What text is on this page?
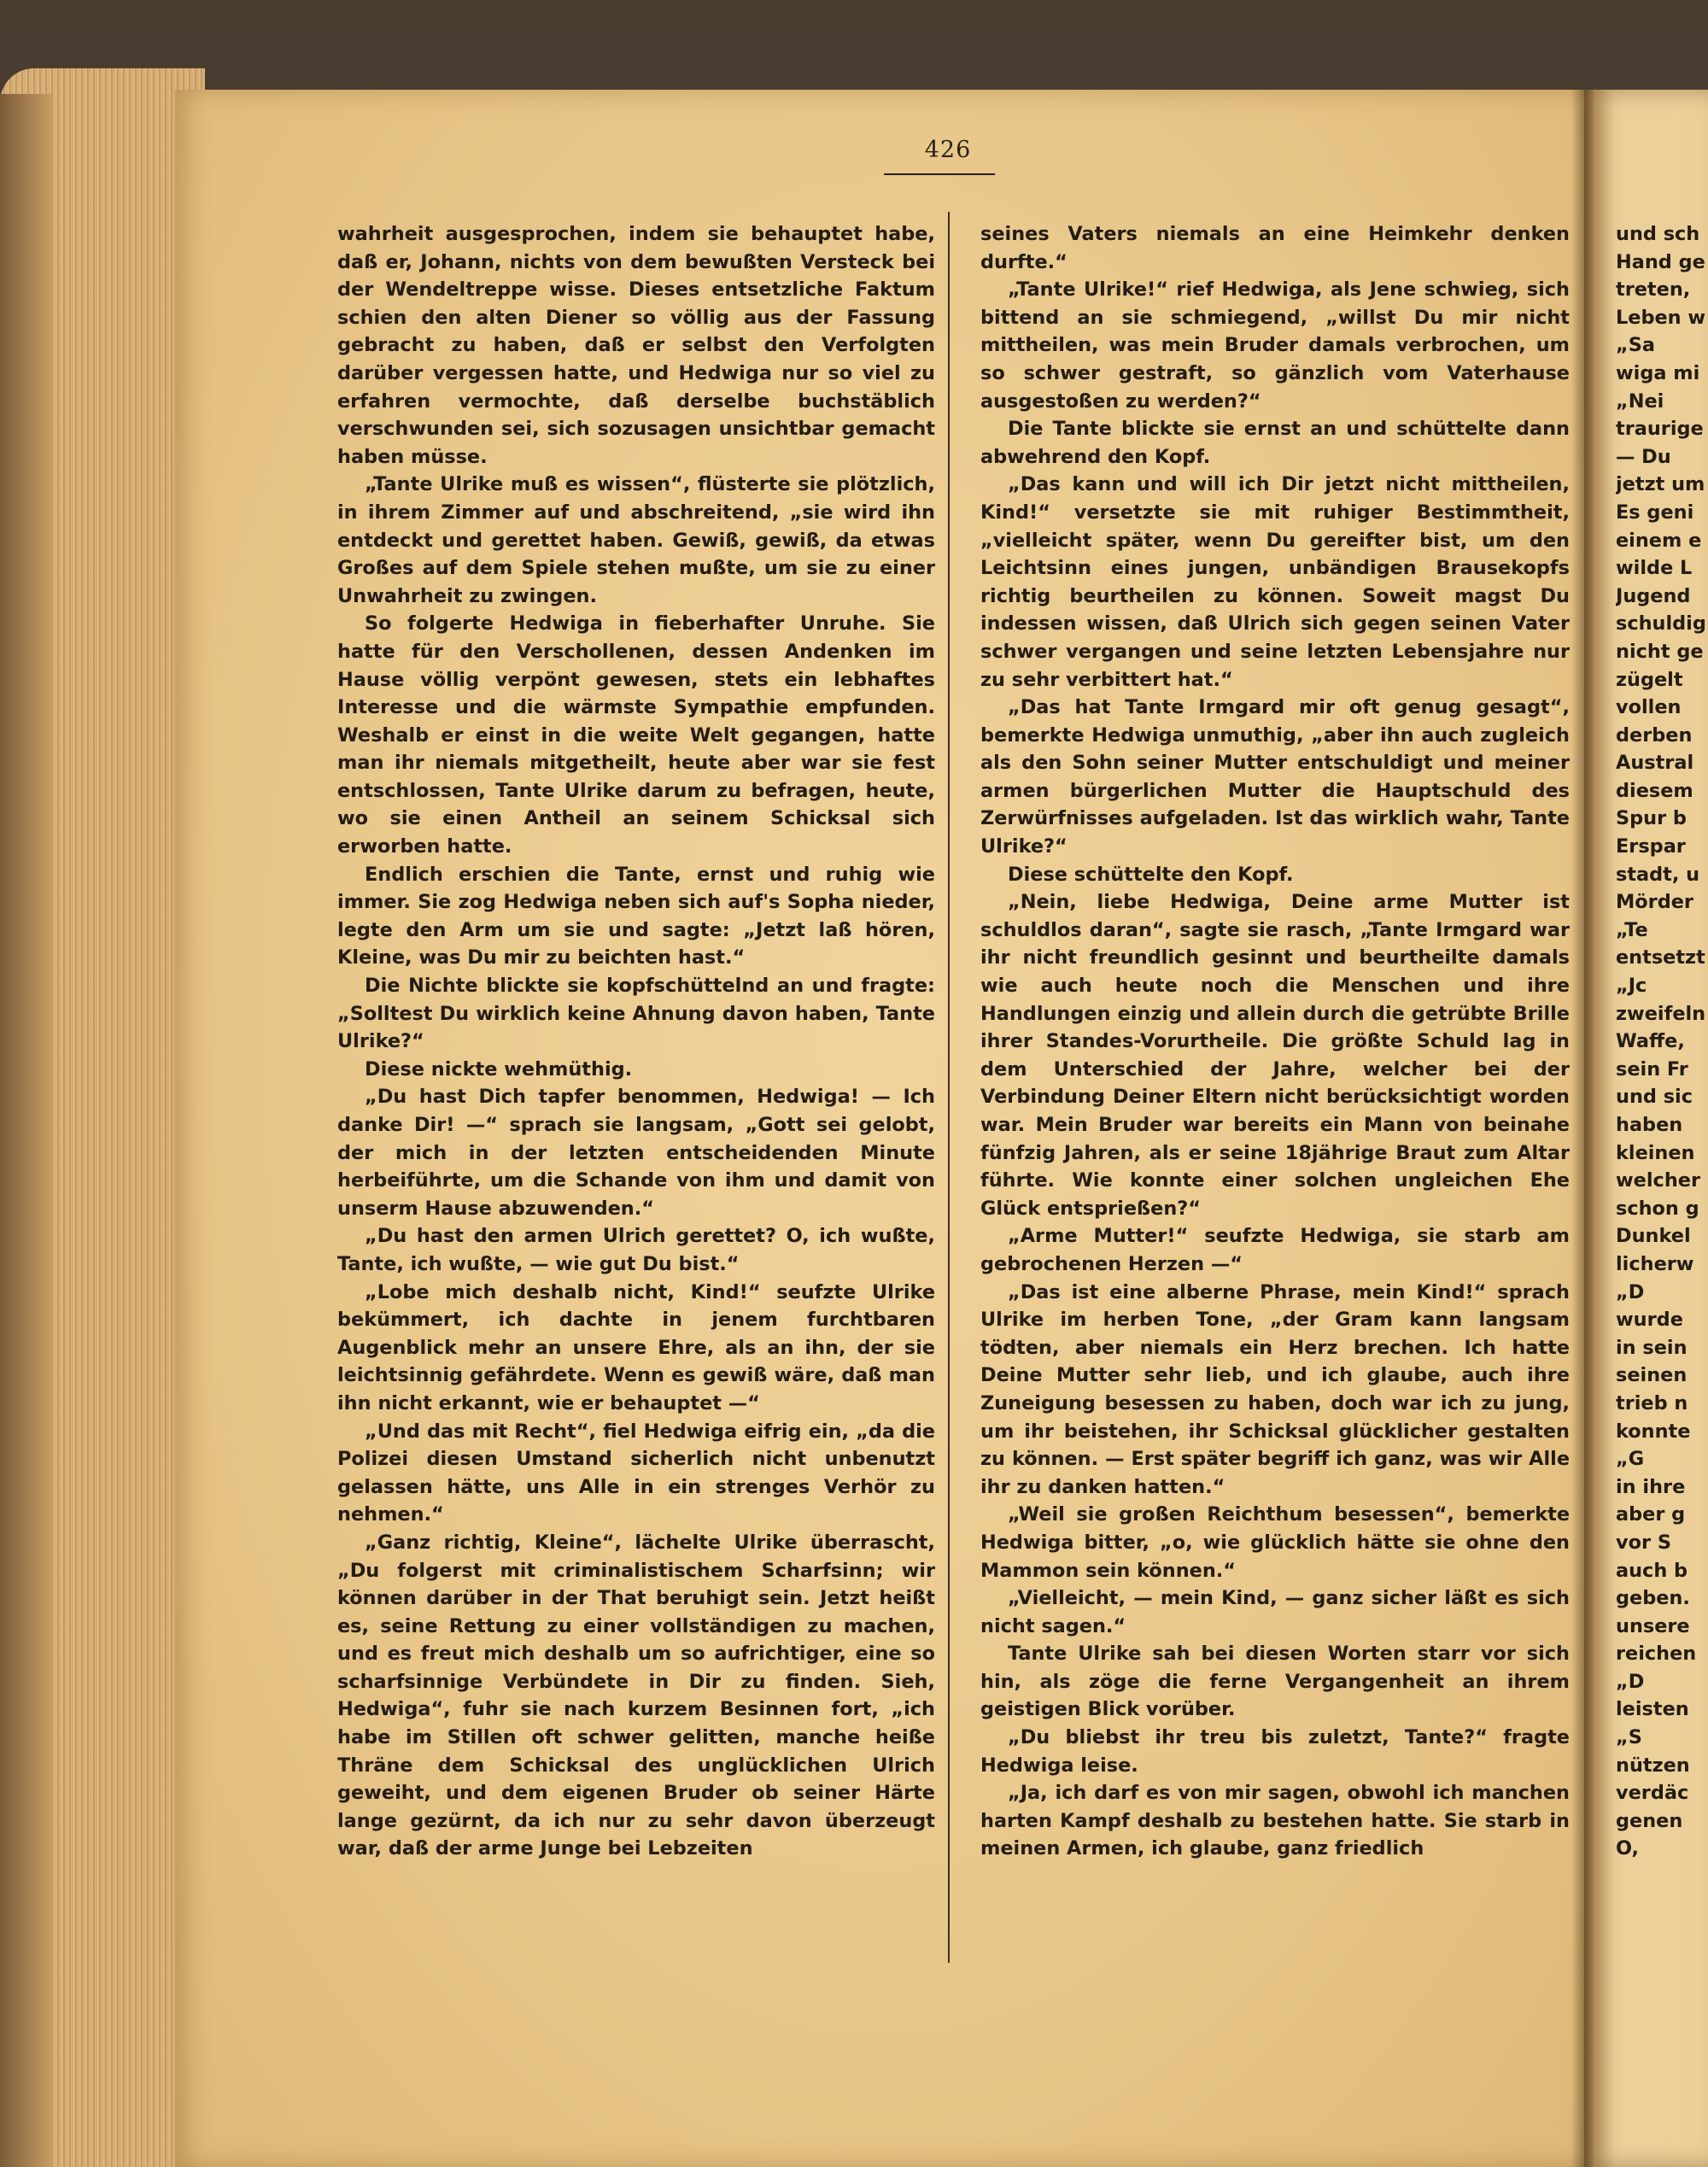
426

wahrheit ausgesprochen, indem sie behauptet habe, daß er, Johann, nichts von dem bewußten Versteck bei der Wendeltreppe wisse. Dieses entsetzliche Faktum schien den alten Diener so völlig aus der Fassung gebracht zu haben, daß er selbst den Verfolgten darüber vergessen hatte, und Hedwiga nur so viel zu erfahren vermochte, daß derselbe buchstäblich verschwunden sei, sich sozusagen unsichtbar gemacht haben müsse.

„Tante Ulrike muß es wissen“, flüsterte sie plötzlich, in ihrem Zimmer auf und abschreitend, „sie wird ihn entdeckt und gerettet haben. Gewiß, gewiß, da etwas Großes auf dem Spiele stehen mußte, um sie zu einer Unwahrheit zu zwingen.

So folgerte Hedwiga in fieberhafter Unruhe. Sie hatte für den Verschollenen, dessen Andenken im Hause völlig verpönt gewesen, stets ein lebhaftes Interesse und die wärmste Sympathie empfunden. Weshalb er einst in die weite Welt gegangen, hatte man ihr niemals mitgetheilt, heute aber war sie fest entschlossen, Tante Ulrike darum zu befragen, heute, wo sie einen Antheil an seinem Schicksal sich erworben hatte.

Endlich erschien die Tante, ernst und ruhig wie immer. Sie zog Hedwiga neben sich auf's Sopha nieder, legte den Arm um sie und sagte: „Jetzt laß hören, Kleine, was Du mir zu beichten hast.“

Die Nichte blickte sie kopfschüttelnd an und fragte: „Solltest Du wirklich keine Ahnung davon haben, Tante Ulrike?“

Diese nickte wehmüthig.

„Du hast Dich tapfer benommen, Hedwiga! — Ich danke Dir! —“ sprach sie langsam, „Gott sei gelobt, der mich in der letzten entscheidenden Minute herbeiführte, um die Schande von ihm und damit von unserm Hause abzuwenden.“

„Du hast den armen Ulrich gerettet? O, ich wußte, Tante, ich wußte, — wie gut Du bist.“

„Lobe mich deshalb nicht, Kind!“ seufzte Ulrike bekümmert, ich dachte in jenem furchtbaren Augenblick mehr an unsere Ehre, als an ihn, der sie leichtsinnig gefährdete. Wenn es gewiß wäre, daß man ihn nicht erkannt, wie er behauptet —“

„Und das mit Recht“, fiel Hedwiga eifrig ein, „da die Polizei diesen Umstand sicherlich nicht unbenutzt gelassen hätte, uns Alle in ein strenges Verhör zu nehmen.“

„Ganz richtig, Kleine“, lächelte Ulrike überrascht, „Du folgerst mit criminalistischem Scharfsinn; wir können darüber in der That beruhigt sein. Jetzt heißt es, seine Rettung zu einer vollständigen zu machen, und es freut mich deshalb um so aufrichtiger, eine so scharfsinnige Verbündete in Dir zu finden. Sieh, Hedwiga“, fuhr sie nach kurzem Besinnen fort, „ich habe im Stillen oft schwer gelitten, manche heiße Thräne dem Schicksal des unglücklichen Ulrich geweiht, und dem eigenen Bruder ob seiner Härte lange gezürnt, da ich nur zu sehr davon überzeugt war, daß der arme Junge bei Lebzeiten

seines Vaters niemals an eine Heimkehr denken durfte.“

„Tante Ulrike!“ rief Hedwiga, als Jene schwieg, sich bittend an sie schmiegend, „willst Du mir nicht mittheilen, was mein Bruder damals verbrochen, um so schwer gestraft, so gänzlich vom Vaterhause ausgestoßen zu werden?“

Die Tante blickte sie ernst an und schüttelte dann abwehrend den Kopf.

„Das kann und will ich Dir jetzt nicht mittheilen, Kind!“ versetzte sie mit ruhiger Bestimmtheit, „vielleicht später, wenn Du gereifter bist, um den Leichtsinn eines jungen, unbändigen Brausekopfs richtig beurtheilen zu können. Soweit magst Du indessen wissen, daß Ulrich sich gegen seinen Vater schwer vergangen und seine letzten Lebensjahre nur zu sehr verbittert hat.“

„Das hat Tante Irmgard mir oft genug gesagt“, bemerkte Hedwiga unmuthig, „aber ihn auch zugleich als den Sohn seiner Mutter entschuldigt und meiner armen bürgerlichen Mutter die Hauptschuld des Zerwürfnisses aufgeladen. Ist das wirklich wahr, Tante Ulrike?“

Diese schüttelte den Kopf.

„Nein, liebe Hedwiga, Deine arme Mutter ist schuldlos daran“, sagte sie rasch, „Tante Irmgard war ihr nicht freundlich gesinnt und beurtheilte damals wie auch heute noch die Menschen und ihre Handlungen einzig und allein durch die getrübte Brille ihrer Standes-Vorurtheile. Die größte Schuld lag in dem Unterschied der Jahre, welcher bei der Verbindung Deiner Eltern nicht berücksichtigt worden war. Mein Bruder war bereits ein Mann von beinahe fünfzig Jahren, als er seine 18jährige Braut zum Altar führte. Wie konnte einer solchen ungleichen Ehe Glück entsprießen?“

„Arme Mutter!“ seufzte Hedwiga, sie starb am gebrochenen Herzen —“

„Das ist eine alberne Phrase, mein Kind!“ sprach Ulrike im herben Tone, „der Gram kann langsam tödten, aber niemals ein Herz brechen. Ich hatte Deine Mutter sehr lieb, und ich glaube, auch ihre Zuneigung besessen zu haben, doch war ich zu jung, um ihr beistehen, ihr Schicksal glücklicher gestalten zu können. — Erst später begriff ich ganz, was wir Alle ihr zu danken hatten.“

„Weil sie großen Reichthum besessen“, bemerkte Hedwiga bitter, „o, wie glücklich hätte sie ohne den Mammon sein können.“

„Vielleicht, — mein Kind, — ganz sicher läßt es sich nicht sagen.“

Tante Ulrike sah bei diesen Worten starr vor sich hin, als zöge die ferne Vergangenheit an ihrem geistigen Blick vorüber.

„Du bliebst ihr treu bis zuletzt, Tante?“ fragte Hedwiga leise.

„Ja, ich darf es von mir sagen, obwohl ich manchen harten Kampf deshalb zu bestehen hatte. Sie starb in meinen Armen, ich glaube, ganz friedlich

und sch
Hand ge
treten,
Leben w
„Sa
wiga mi
„Nei
traurige
— Du
jetzt um
Es geni
einem e
wilde L
Jugend
schuldig
nicht ge
zügelt
vollen
derben
Austral
diesem
Spur b
Erspar
stadt, u
Mörder
„Te
entsetzt
„Jc
zweifeln
Waffe,
sein Fr
und sic
haben
kleinen
welcher
schon g
Dunkel
licherw
„D
wurde
in sein
seinen
trieb n
konnte
„G
in ihre
aber g
vor S
auch b
geben.
unsere
reichen
„D
leisten
„S
nützen
verdäc
genen
O,
